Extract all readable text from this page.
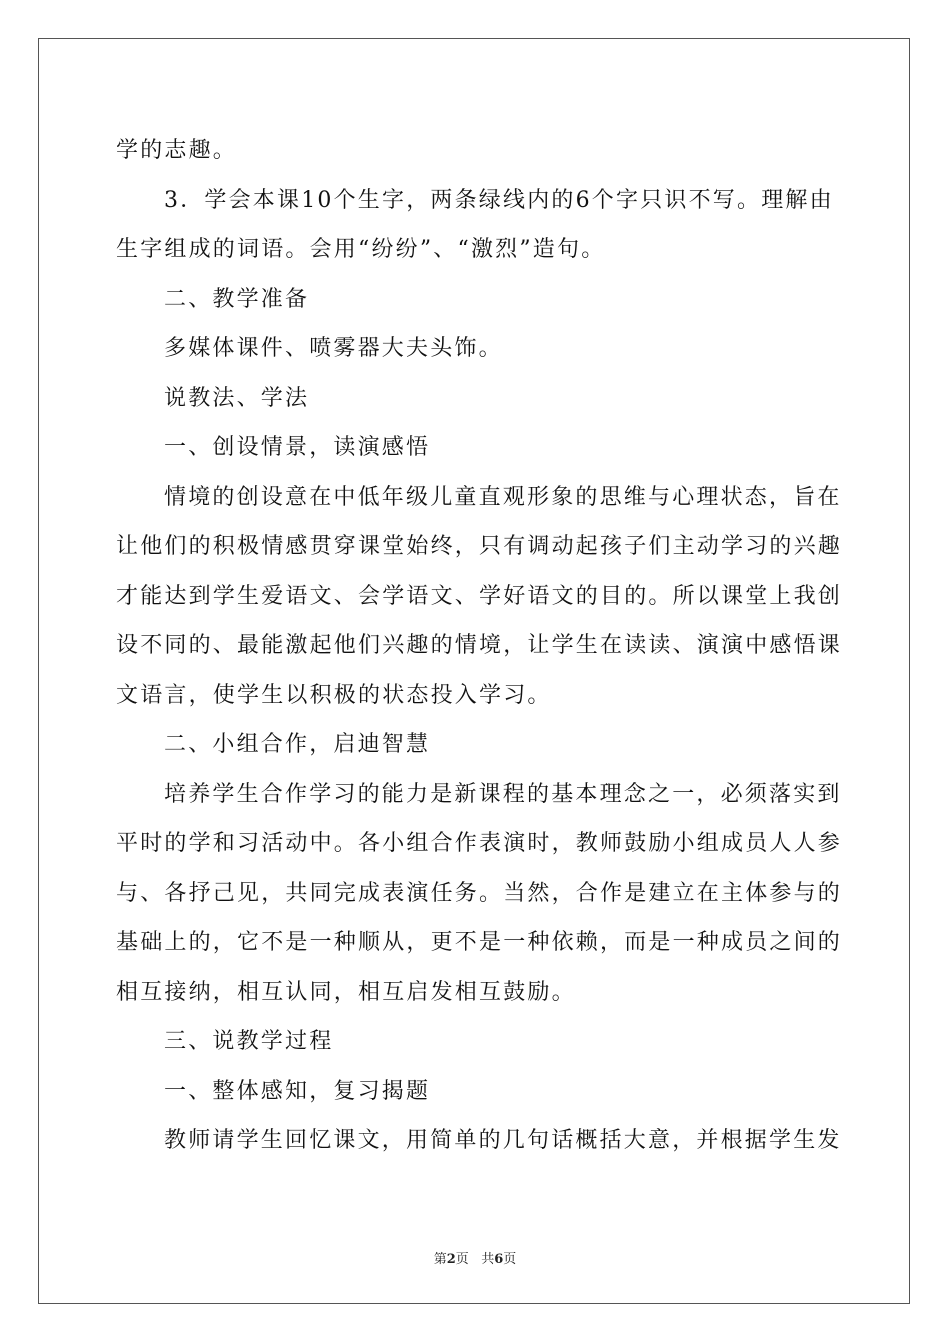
学的志趣。
3．学会本课10个生字，两条绿线内的6个字只识不写。理解由
生字组成的词语。会用“纷纷”、“激烈”造句。
二、教学准备
多媒体课件、喷雾器大夫头饰。
说教法、学法
一、创设情景，读演感悟
情境的创设意在中低年级儿童直观形象的思维与心理状态，旨在
让他们的积极情感贯穿课堂始终，只有调动起孩子们主动学习的兴趣
才能达到学生爱语文、会学语文、学好语文的目的。所以课堂上我创
设不同的、最能激起他们兴趣的情境，让学生在读读、演演中感悟课
文语言，使学生以积极的状态投入学习。
二、小组合作，启迪智慧
培养学生合作学习的能力是新课程的基本理念之一，必须落实到
平时的学和习活动中。各小组合作表演时，教师鼓励小组成员人人参
与、各抒己见，共同完成表演任务。当然，合作是建立在主体参与的
基础上的，它不是一种顺从，更不是一种依赖，而是一种成员之间的
相互接纳，相互认同，相互启发相互鼓励。
三、说教学过程
一、整体感知，复习揭题
教师请学生回忆课文，用简单的几句话概括大意，并根据学生发
第2页 共6页
